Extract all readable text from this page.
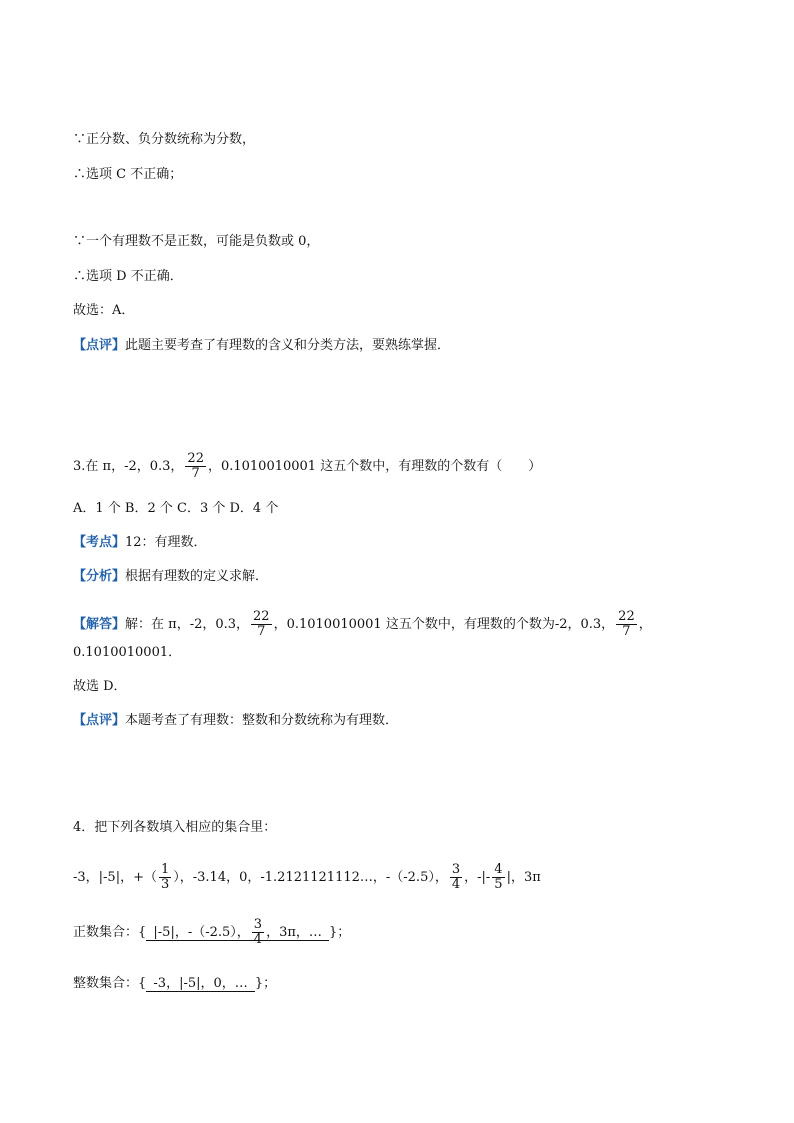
∵正分数、负分数统称为分数，
∴选项 C 不正确；
∵一个有理数不是正数，可能是负数或 0，
∴选项 D 不正确．
故选：A．
【点评】此题主要考查了有理数的含义和分类方法，要熟练掌握．
3.在 π，-2，0.3， $\frac{22}{7}$ ，0.1010010001 这五个数中，有理数的个数有（　　）
A．1 个 B．2 个 C．3 个 D．4 个
【考点】12：有理数．
【分析】根据有理数的定义求解．
【解答】解：在 π，-2，0.3， $\frac{22}{7}$ ，0.1010010001 这五个数中，有理数的个数为-2，0.3， $\frac{22}{7}$ ，
0.1010010001．
故选 D．
【点评】本题考查了有理数：整数和分数统称为有理数．
4．把下列各数填入相应的集合里：
-3，|-5|，+（ $\frac{1}{3}$ ），-3.14，0，-1.2121121112…，-（-2.5）， $\frac{3}{4}$ ，-|- $\frac{4}{5}$ |，3π
正数集合：{ |-5|，-（-2.5）， $\frac{3}{4}$ ，3π，… }；
整数集合：{ -3，|-5|，0，… }；
